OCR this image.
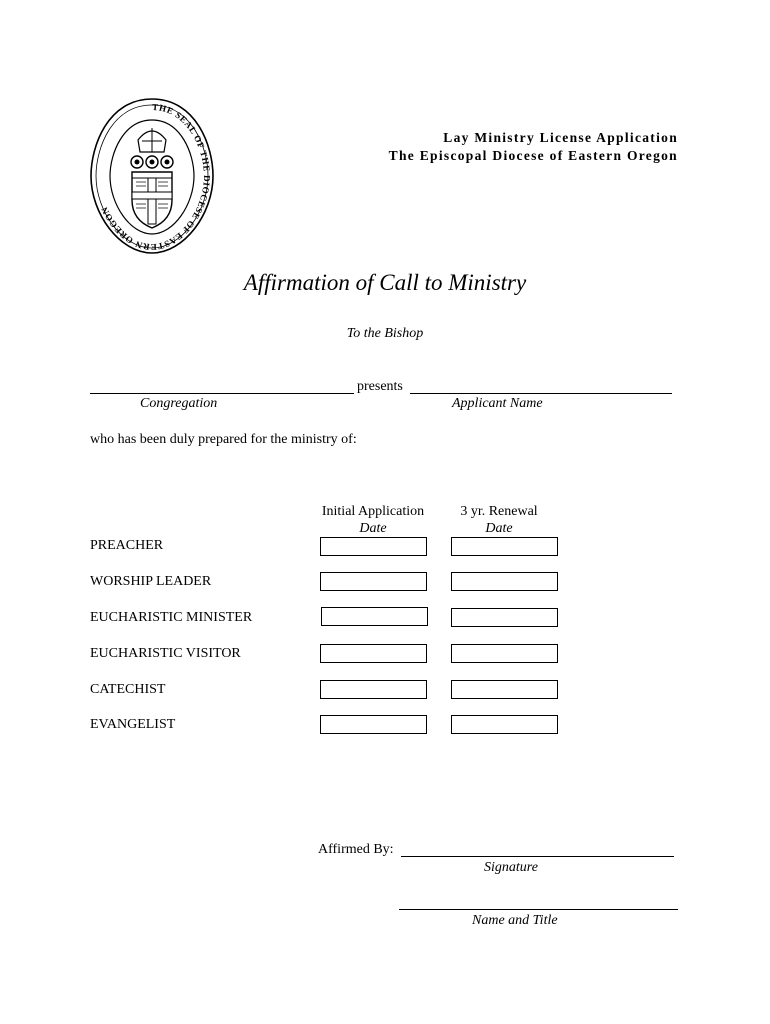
THE SEAL OF THE DIOCESE OF EASTERN OREGON
Lay Ministry License Application
The Episcopal Diocese of Eastern Oregon
Affirmation of Call to Ministry
To the Bishop
presents
Congregation	Applicant Name
who has been duly prepared for the ministry of:
Initial Application
Date
3 yr. Renewal
Date
PREACHER
WORSHIP LEADER
EUCHARISTIC MINISTER
EUCHARISTIC VISITOR
CATECHIST
EVANGELIST
Affirmed By:
Signature
Name and Title
